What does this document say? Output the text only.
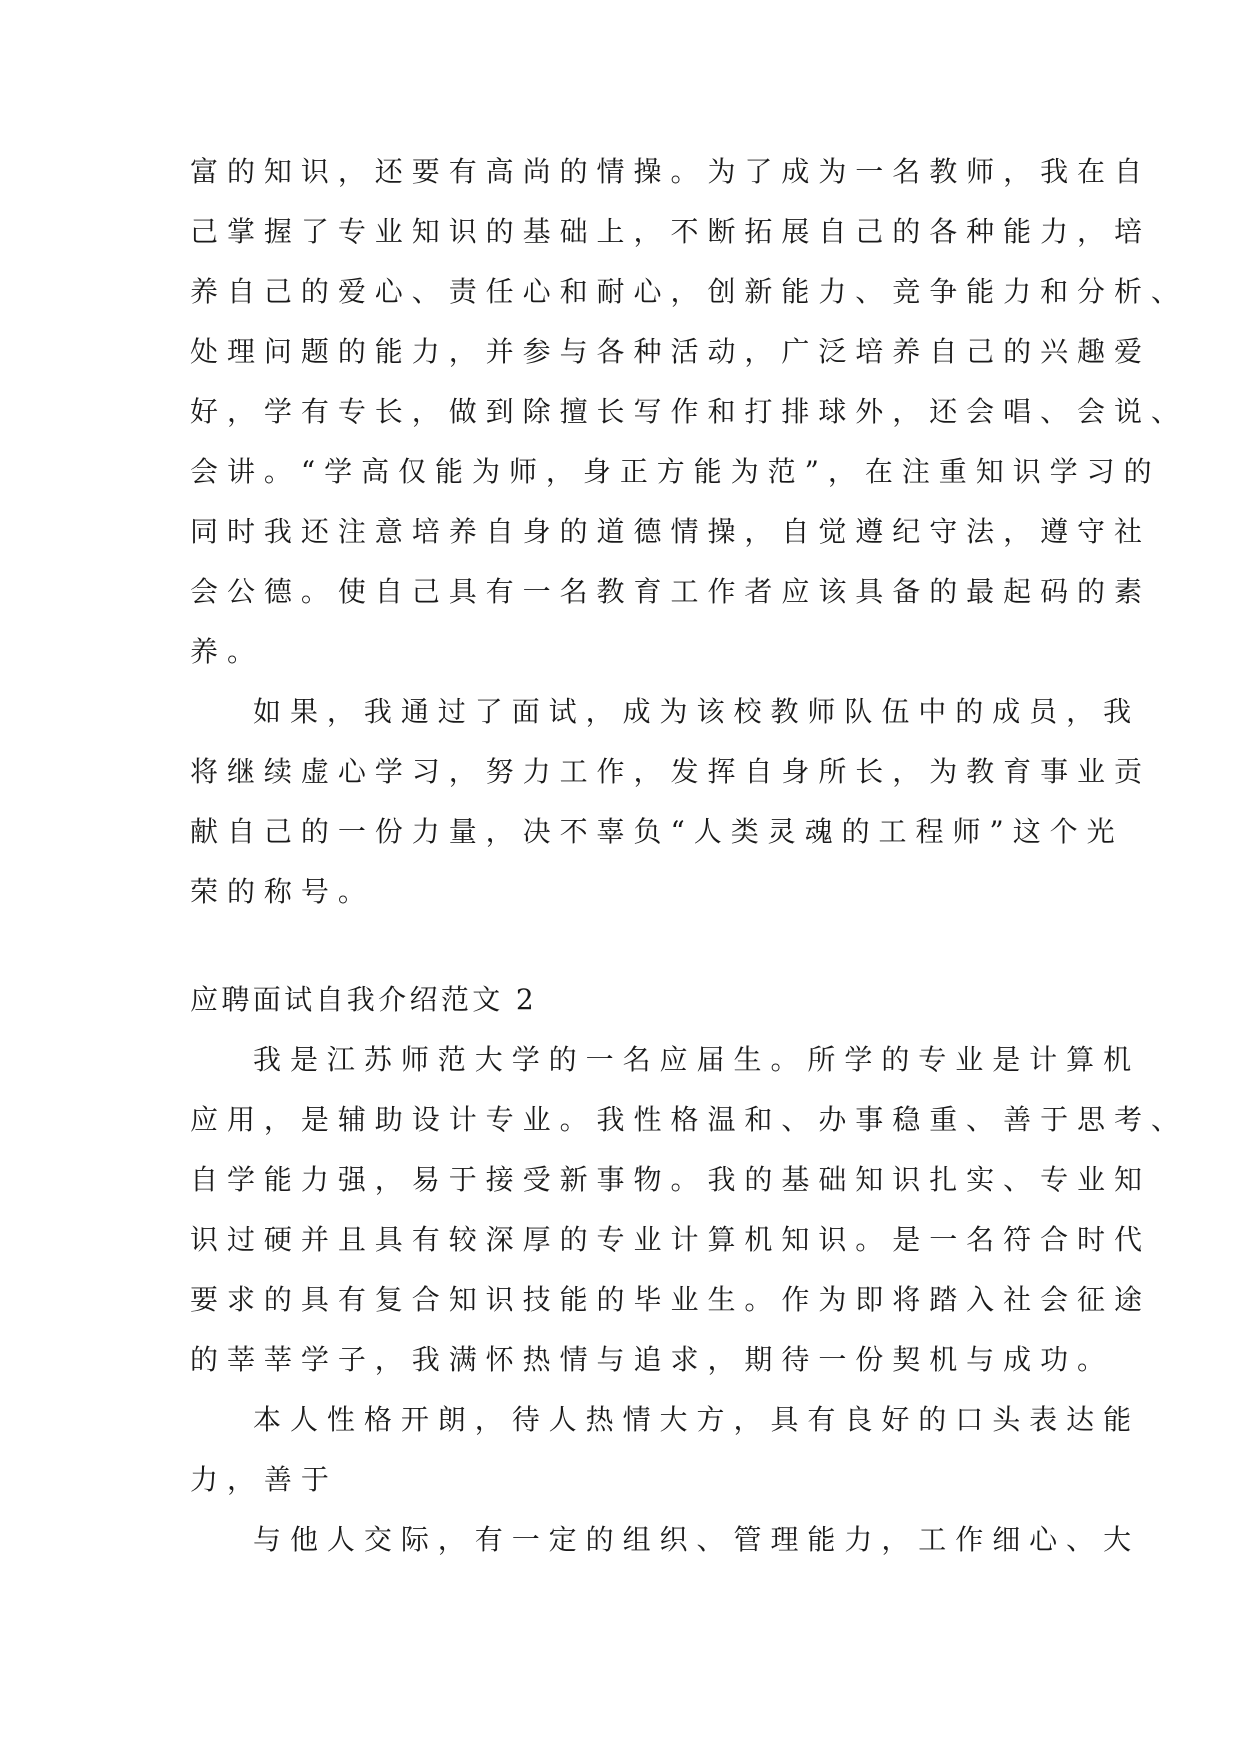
富的知识，还要有高尚的情操。为了成为一名教师，我在自
己掌握了专业知识的基础上，不断拓展自己的各种能力，培
养自己的爱心、责任心和耐心，创新能力、竞争能力和分析、
处理问题的能力，并参与各种活动，广泛培养自己的兴趣爱
好，学有专长，做到除擅长写作和打排球外，还会唱、会说、
会讲。“学高仅能为师，身正方能为范”，在注重知识学习的
同时我还注意培养自身的道德情操，自觉遵纪守法，遵守社
会公德。使自己具有一名教育工作者应该具备的最起码的素
养。
如果，我通过了面试，成为该校教师队伍中的成员，我
将继续虚心学习，努力工作，发挥自身所长，为教育事业贡
献自己的一份力量，决不辜负“人类灵魂的工程师”这个光
荣的称号。
应聘面试自我介绍范文 2
我是江苏师范大学的一名应届生。所学的专业是计算机
应用，是辅助设计专业。我性格温和、办事稳重、善于思考、
自学能力强，易于接受新事物。我的基础知识扎实、专业知
识过硬并且具有较深厚的专业计算机知识。是一名符合时代
要求的具有复合知识技能的毕业生。作为即将踏入社会征途
的莘莘学子，我满怀热情与追求，期待一份契机与成功。
本人性格开朗，待人热情大方，具有良好的口头表达能
力，善于
与他人交际，有一定的组织、管理能力，工作细心、大
